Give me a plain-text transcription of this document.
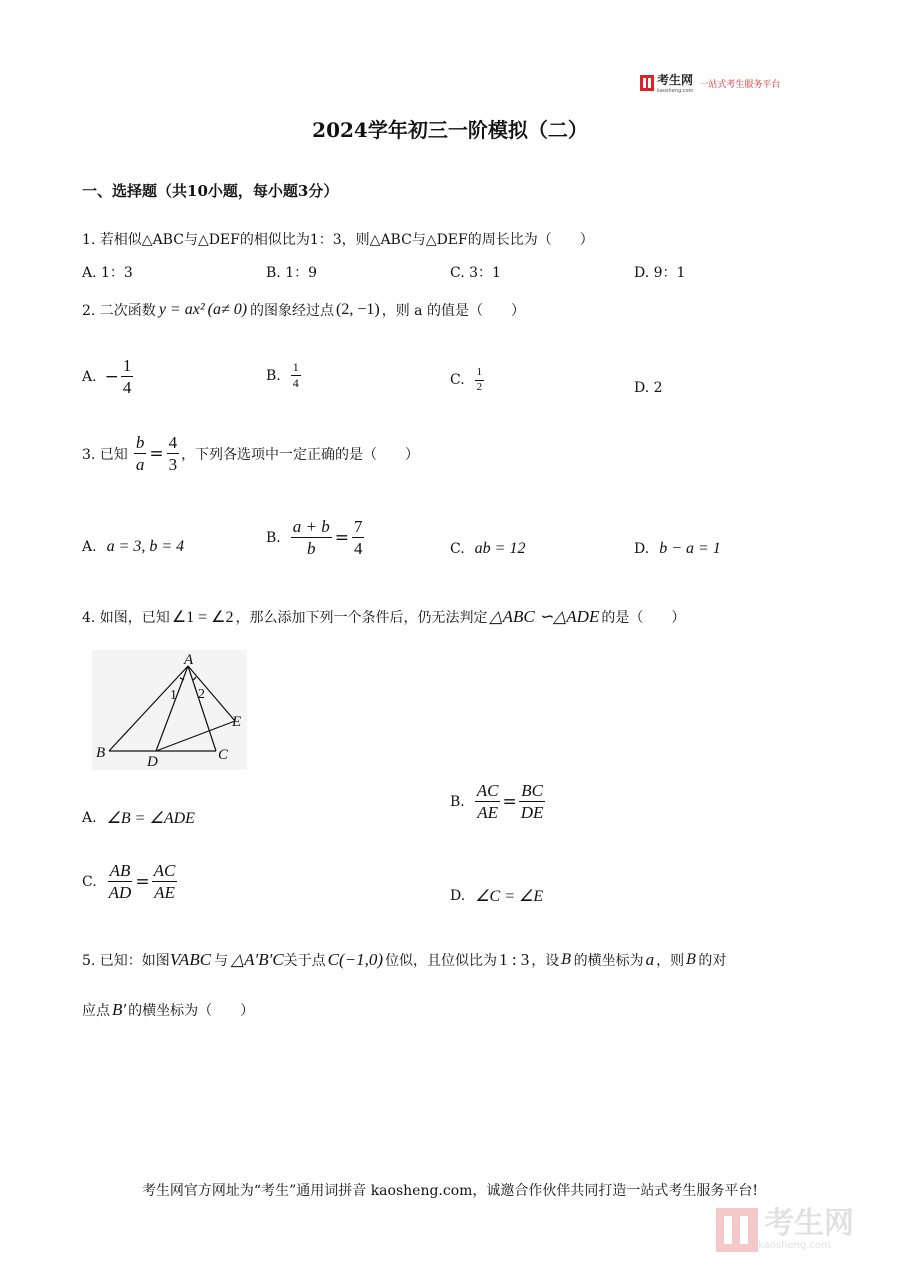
考生网
kaosheng.com
一站式考生服务平台
2024学年初三一阶模拟（二）
一、选择题（共10小题，每小题3分）
1. 若相似△ABC与△DEF的相似比为1：3，则△ABC与△DEF的周长比为（　　）
A. 1：3	B. 1：9	C. 3：1	D. 9：1
2. 二次函数 y = ax² (a≠ 0) 的图象经过点 (2, −1) ，则 a 的值是（　　）
A. − $\frac{1}{4}$	B. $\frac{1}{4}$	C. $\frac{1}{2}$	D. 2
3. 已知 $\frac{b}{a} = \frac{4}{3}$ ，下列各选项中一定正确的是（　　）
A. a = 3, b = 4
B. $\frac{a + b}{b} = \frac{7}{4}$	C. ab = 12	D. b − a = 1
4. 如图，已知 ∠1 = ∠2 ，那么添加下列一个条件后，仍无法判定 △ABC ∽△ADE 的是（　　）
A
B	C
D
E
1 2
A. ∠B = ∠ADE
B. $\frac{AC}{AE} = \frac{BC}{DE}$
C. $\frac{AB}{AD} = \frac{AC}{AE}$	D. ∠C = ∠E
5. 已知：如图 VABC 与 △A′B′C 关于点 C(−1,0) 位似，且位似比为 1 : 3 ，设 B 的横坐标为 a ，则 B 的对
应点 B′ 的横坐标为（　　）
考生网官方网址为“考生”通用词拼音 kaosheng.com，诚邀合作伙伴共同打造一站式考生服务平台!
考生网
kaosheng.com
